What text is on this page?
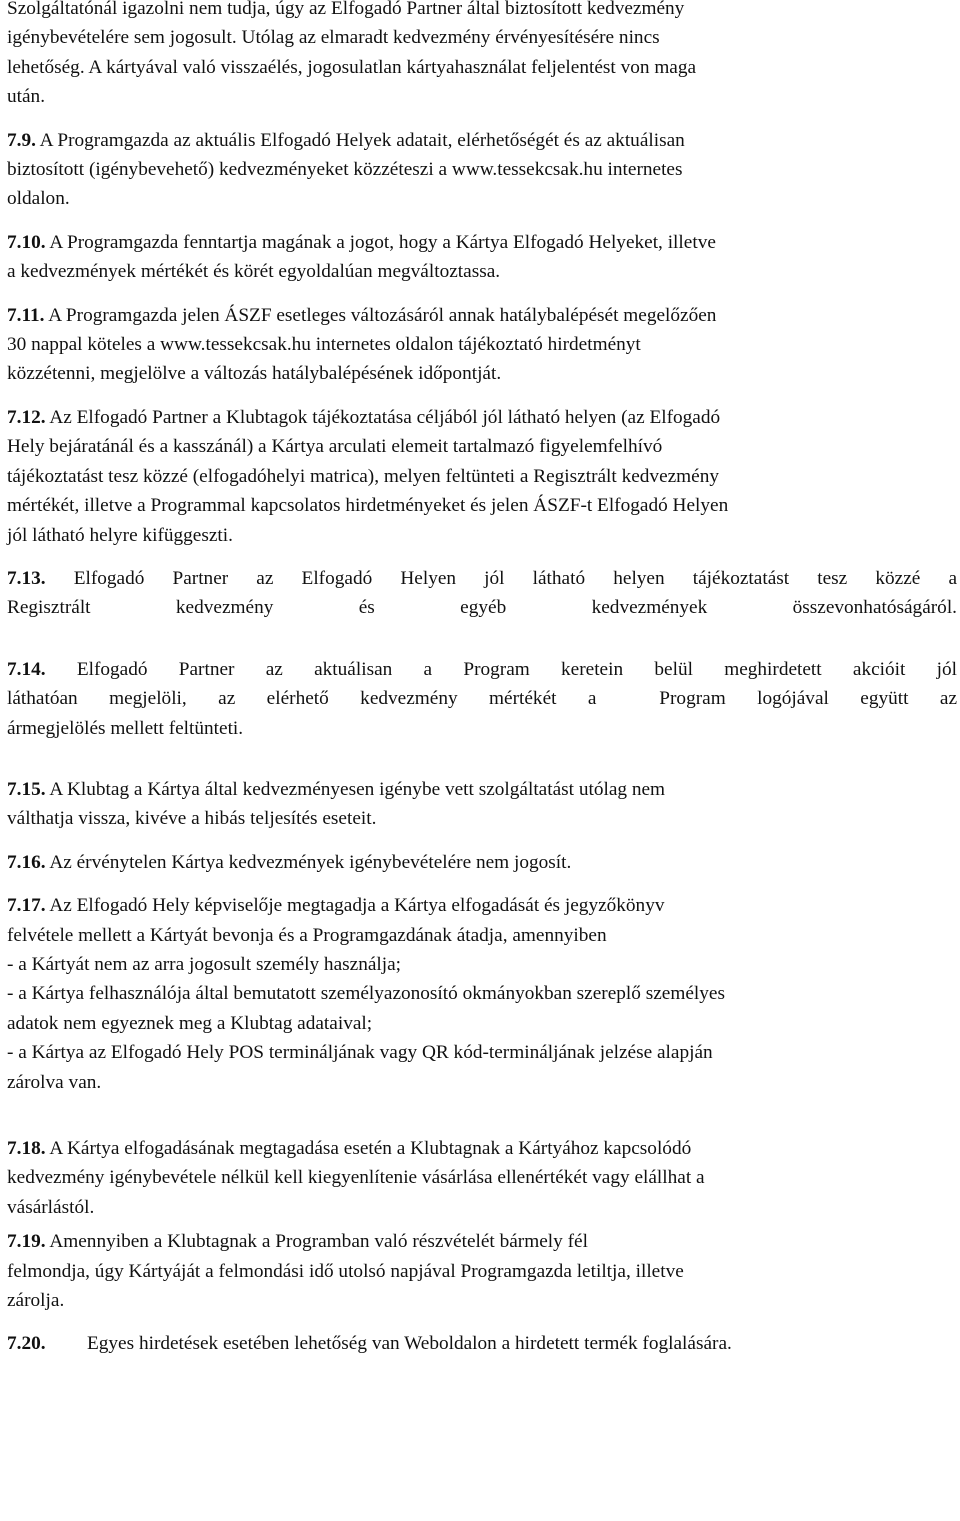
Szolgáltatónál igazolni nem tudja, úgy az Elfogadó Partner által biztosított kedvezmény
igénybevételére sem jogosult. Utólag az elmaradt kedvezmény érvényesítésére nincs
lehetőség. A kártyával való visszaélés, jogosulatlan kártyahasználat feljelentést von maga
után.
7.9. A Programgazda az aktuális Elfogadó Helyek adatait, elérhetőségét és az aktuálisan
biztosított (igénybevehető) kedvezményeket közzéteszi a www.tessekcsak.hu internetes
oldalon.
7.10. A Programgazda fenntartja magának a jogot, hogy a Kártya Elfogadó Helyeket, illetve
a kedvezmények mértékét és körét egyoldalúan megváltoztassa.
7.11. A Programgazda jelen ÁSZF esetleges változásáról annak hatálybalépését megelőzően
30 nappal köteles a www.tessekcsak.hu internetes oldalon tájékoztató hirdetményt
közzétenni, megjelölve a változás hatálybalépésének időpontját.
7.12. Az Elfogadó Partner a Klubtagok tájékoztatása céljából jól látható helyen (az Elfogadó
Hely bejáratánál és a kasszánál) a Kártya arculati elemeit tartalmazó figyelemfelhívó
tájékoztatást tesz közzé (elfogadóhelyi matrica), melyen feltünteti a Regisztrált kedvezmény
mértékét, illetve a Programmal kapcsolatos hirdetményeket és jelen ÁSZF-t Elfogadó Helyen
jól látható helyre kifüggeszti.
7.13. Elfogadó Partner az Elfogadó Helyen jól látható helyen tájékoztatást tesz közzé a
Regisztrált kedvezmény és egyéb kedvezmények összevonhatóságáról.
7.14. Elfogadó Partner az aktuálisan a Program keretein belül meghirdetett akcióit jól
láthatóan megjelöli, az elérhető kedvezmény mértékét a  Program logójával együtt az
ármegjelölés mellett feltünteti.
7.15. A Klubtag a Kártya által kedvezményesen igénybe vett szolgáltatást utólag nem
válthatja vissza, kivéve a hibás teljesítés eseteit.
7.16. Az érvénytelen Kártya kedvezmények igénybevételére nem jogosít.
7.17. Az Elfogadó Hely képviselője megtagadja a Kártya elfogadását és jegyzőkönyv
felvétele mellett a Kártyát bevonja és a Programgazdának átadja, amennyiben
- a Kártyát nem az arra jogosult személy használja;
- a Kártya felhasználója által bemutatott személyazonosító okmányokban szereplő személyes
adatok nem egyeznek meg a Klubtag adataival;
- a Kártya az Elfogadó Hely POS termináljának vagy QR kód-termináljának jelzése alapján
zárolva van.
7.18. A Kártya elfogadásának megtagadása esetén a Klubtagnak a Kártyához kapcsolódó
kedvezmény igénybevétele nélkül kell kiegyenlítenie vásárlása ellenértékét vagy elállhat a
vásárlástól.
7.19. Amennyiben a Klubtagnak a Programban való részvételét bármely fél
felmondja, úgy Kártyáját a felmondási idő utolsó napjával Programgazda letiltja, illetve
zárolja.
7.20. Egyes hirdetések esetében lehetőség van Weboldalon a hirdetett termék foglalására.
